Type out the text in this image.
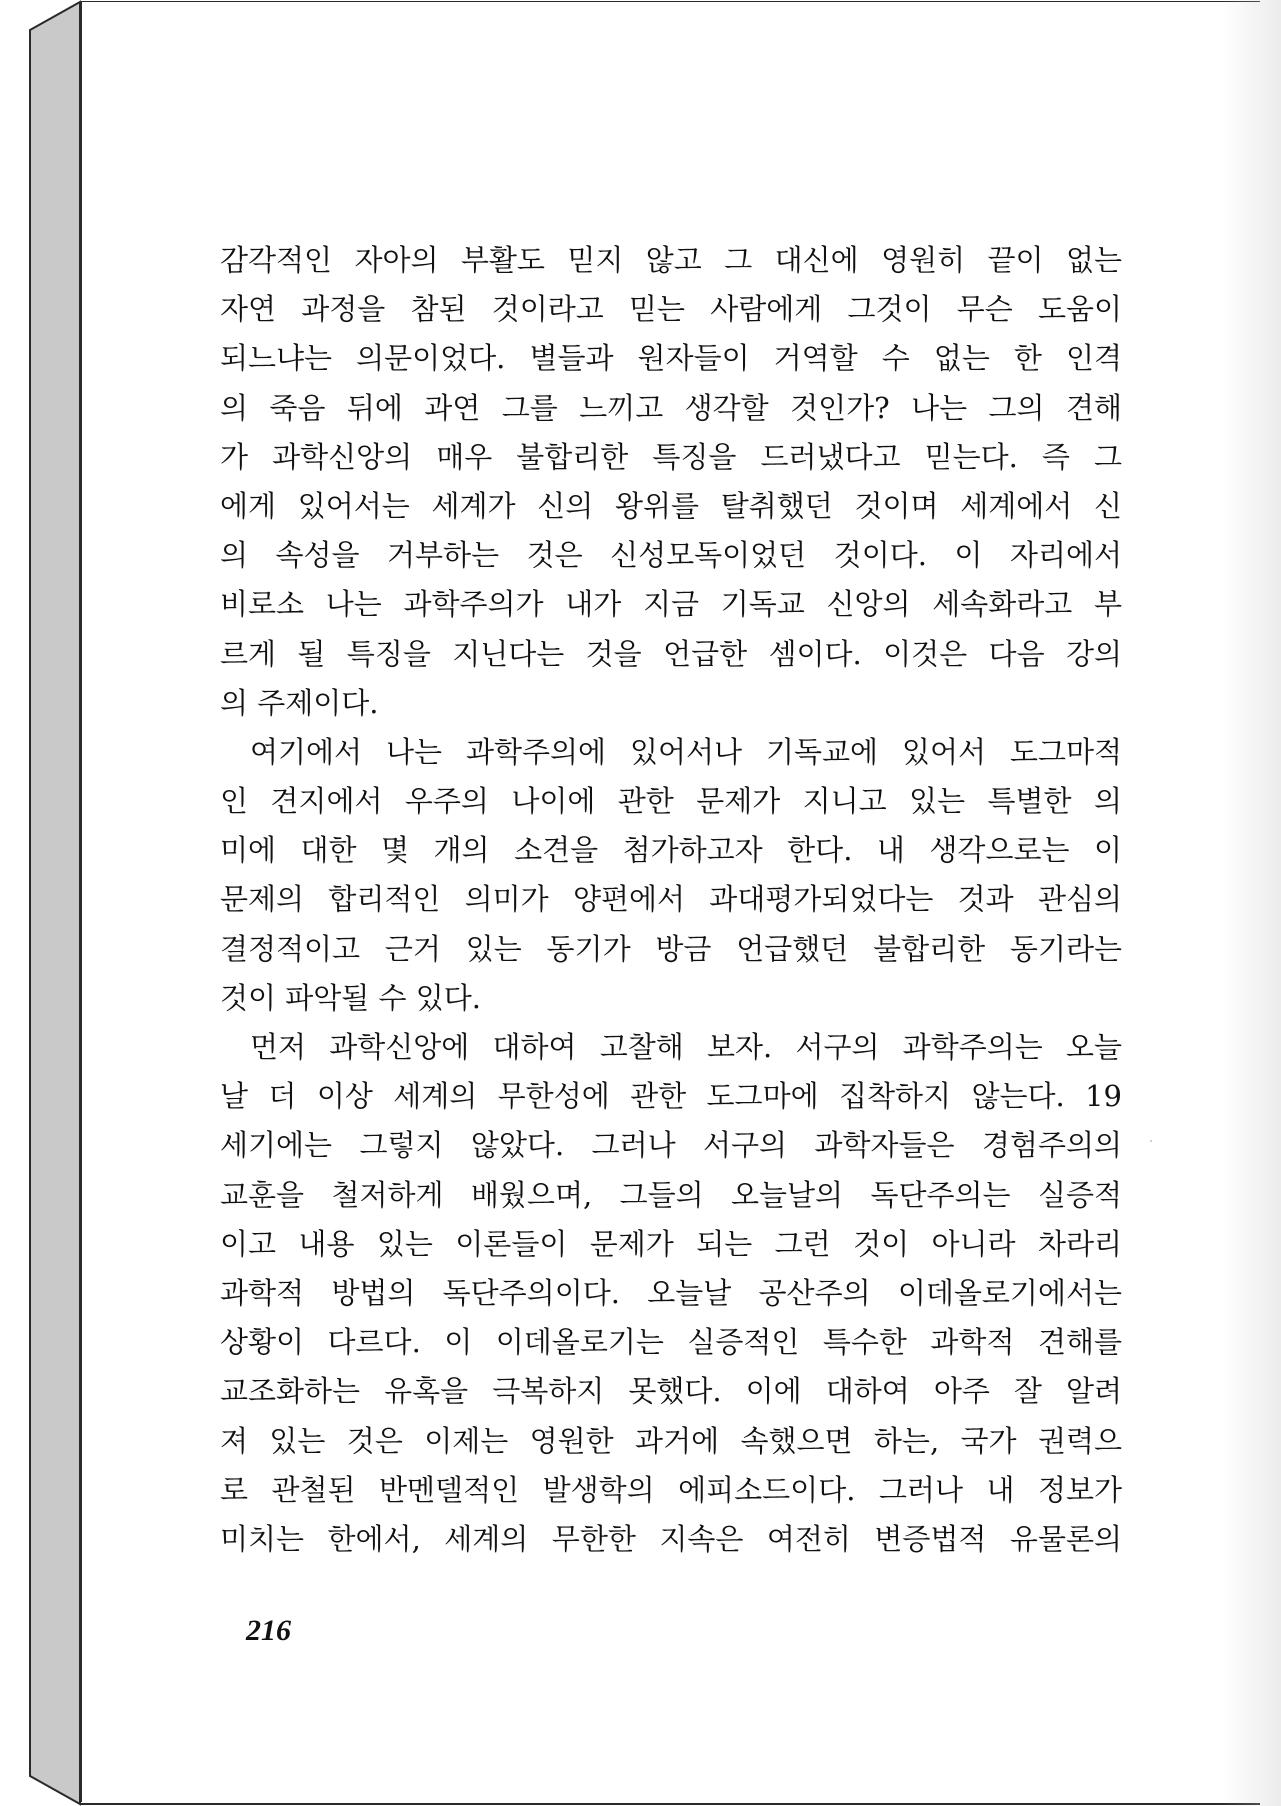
감각적인 자아의 부활도 믿지 않고 그 대신에 영원히 끝이 없는
자연 과정을 참된 것이라고 믿는 사람에게 그것이 무슨 도움이
되느냐는 의문이었다. 별들과 원자들이 거역할 수 없는 한 인격
의 죽음 뒤에 과연 그를 느끼고 생각할 것인가? 나는 그의 견해
가 과학신앙의 매우 불합리한 특징을 드러냈다고 믿는다. 즉 그
에게 있어서는 세계가 신의 왕위를 탈취했던 것이며 세계에서 신
의 속성을 거부하는 것은 신성모독이었던 것이다. 이 자리에서
비로소 나는 과학주의가 내가 지금 기독교 신앙의 세속화라고 부
르게 될 특징을 지닌다는 것을 언급한 셈이다. 이것은 다음 강의
의 주제이다.
여기에서 나는 과학주의에 있어서나 기독교에 있어서 도그마적
인 견지에서 우주의 나이에 관한 문제가 지니고 있는 특별한 의
미에 대한 몇 개의 소견을 첨가하고자 한다. 내 생각으로는 이
문제의 합리적인 의미가 양편에서 과대평가되었다는 것과 관심의
결정적이고 근거 있는 동기가 방금 언급했던 불합리한 동기라는
것이 파악될 수 있다.
먼저 과학신앙에 대하여 고찰해 보자. 서구의 과학주의는 오늘
날 더 이상 세계의 무한성에 관한 도그마에 집착하지 않는다. 19
세기에는 그렇지 않았다. 그러나 서구의 과학자들은 경험주의의
교훈을 철저하게 배웠으며, 그들의 오늘날의 독단주의는 실증적
이고 내용 있는 이론들이 문제가 되는 그런 것이 아니라 차라리
과학적 방법의 독단주의이다. 오늘날 공산주의 이데올로기에서는
상황이 다르다. 이 이데올로기는 실증적인 특수한 과학적 견해를
교조화하는 유혹을 극복하지 못했다. 이에 대하여 아주 잘 알려
져 있는 것은 이제는 영원한 과거에 속했으면 하는, 국가 권력으
로 관철된 반멘델적인 발생학의 에피소드이다. 그러나 내 정보가
미치는 한에서, 세계의 무한한 지속은 여전히 변증법적 유물론의
216
